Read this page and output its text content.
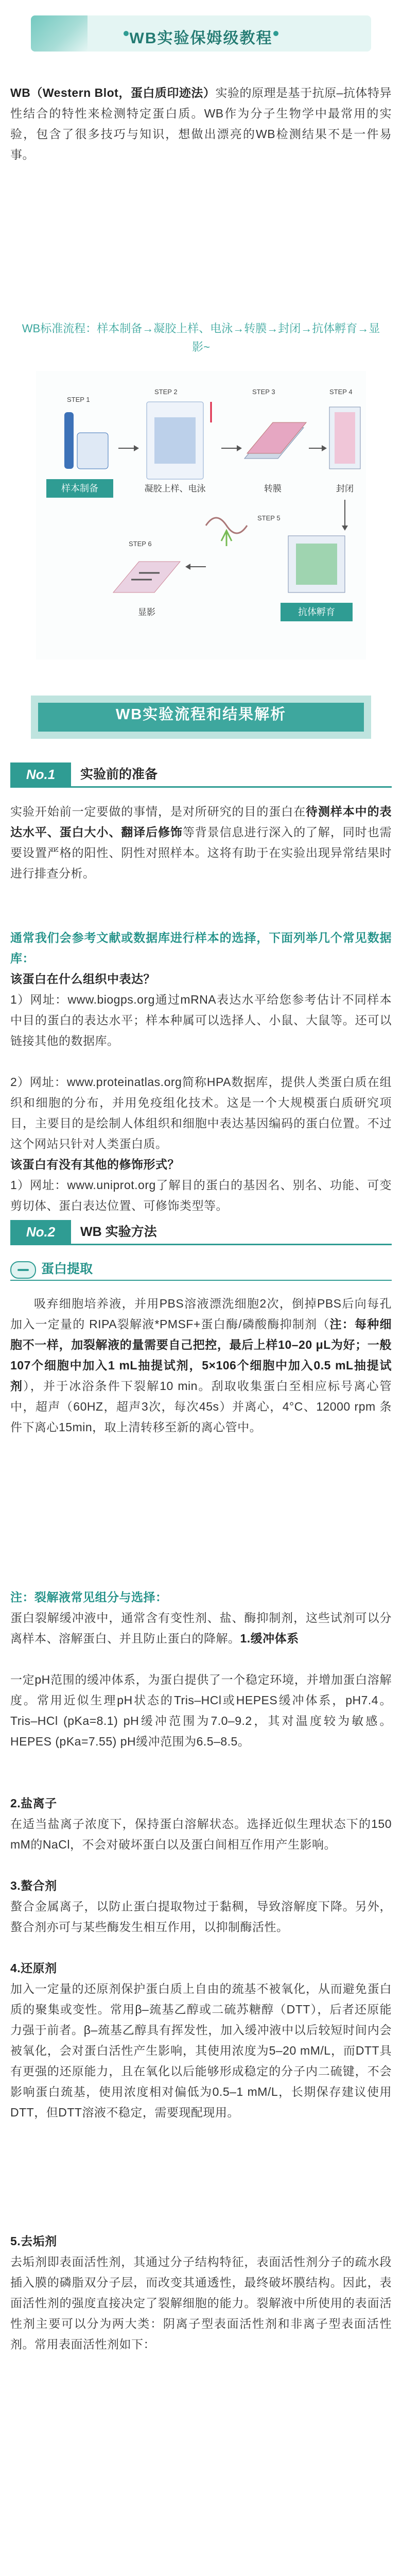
WB实验保姆级教程

WB（Western Blot，蛋白质印迹法）实验的原理是基于抗原–抗体特异性结合的特性来检测特定蛋白质。WB作为分子生物学中最常用的实验，包含了很多技巧与知识，想做出漂亮的WB检测结果不是一件易事。

WB标准流程：样本制备→凝胶上样、电泳→转膜→封闭→抗体孵育→显影~

STEP 1
样本制备
STEP 2
凝胶上样、电泳
STEP 3
转膜
STEP 4
封闭
STEP 5
抗体孵育
STEP 6
显影
WB实验流程和结果解析
No.1	实验前的准备

实验开始前一定要做的事情，是对所研究的目的蛋白在待测样本中的表达水平、蛋白大小、翻译后修饰等背景信息进行深入的了解，同时也需要设置严格的阳性、阴性对照样本。这将有助于在实验出现异常结果时进行排查分析。

通常我们会参考文献或数据库进行样本的选择，下面列举几个常见数据库：

该蛋白在什么组织中表达？

1）网址：www.biogps.org通过mRNA表达水平给您参考估计不同样本中目的蛋白的表达水平；样本种属可以选择人、小鼠、大鼠等。还可以链接其他的数据库。

2）网址：www.proteinatlas.org简称HPA数据库，提供人类蛋白质在组织和细胞的分布，并用免疫组化技术。这是一个大规模蛋白质研究项目，主要目的是绘制人体组织和细胞中表达基因编码的蛋白位置。不过这个网站只针对人类蛋白质。

该蛋白有没有其他的修饰形式？

1）网址：www.uniprot.org了解目的蛋白的基因名、别名、功能、可变剪切体、蛋白表达位置、可修饰类型等。

No.2	WB 实验方法
蛋白提取

吸弃细胞培养液，并用PBS溶液漂洗细胞2次，倒掉PBS后向每孔加入一定量的 RIPA裂解液*PMSF+蛋白酶/磷酸酶抑制剂（注：每种细胞不一样，加裂解液的量需要自己把控，最后上样10–20 μL为好；一般107个细胞中加入1 mL抽提试剂，5×106个细胞中加入0.5 mL抽提试剂），并于冰浴条件下裂解10 min。刮取收集蛋白至相应标号离心管中，超声（60HZ，超声3次，每次45s）并离心，4°C、12000 rpm 条件下离心15min，取上清转移至新的离心管中。

注：裂解液常见组分与选择：

蛋白裂解缓冲液中，通常含有变性剂、盐、酶抑制剂，这些试剂可以分离样本、溶解蛋白、并且防止蛋白的降解。1.缓冲体系

一定pH范围的缓冲体系，为蛋白提供了一个稳定环境，并增加蛋白溶解度。常用近似生理pH状态的Tris–HCl或HEPES缓冲体系，pH7.4。Tris–HCl (pKa=8.1) pH缓冲范围为7.0–9.2，其对温度较为敏感。HEPES (pKa=7.55) pH缓冲范围为6.5–8.5。

2.盐离子

在适当盐离子浓度下，保持蛋白溶解状态。选择近似生理状态下的150 mM的NaCl，不会对破坏蛋白以及蛋白间相互作用产生影响。

3.螯合剂

螯合金属离子，以防止蛋白提取物过于黏稠，导致溶解度下降。另外，螯合剂亦可与某些酶发生相互作用，以抑制酶活性。

4.还原剂

加入一定量的还原剂保护蛋白质上自由的巯基不被氧化，从而避免蛋白质的聚集或变性。常用β–巯基乙醇或二硫苏糖醇（DTT），后者还原能力强于前者。β–巯基乙醇具有挥发性，加入缓冲液中以后较短时间内会被氧化，会对蛋白活性产生影响，其使用浓度为5–20 mM/L，而DTT具有更强的还原能力，且在氧化以后能够形成稳定的分子内二硫键，不会影响蛋白巯基，使用浓度相对偏低为0.5–1 mM/L，长期保存建议使用DTT，但DTT溶液不稳定，需要现配现用。

5.去垢剂

去垢剂即表面活性剂，其通过分子结构特征，表面活性剂分子的疏水段插入膜的磷脂双分子层，而改变其通透性，最终破坏膜结构。因此，表面活性剂的强度直接决定了裂解细胞的能力。裂解液中所使用的表面活性剂主要可以分为两大类：阴离子型表面活性剂和非离子型表面活性剂。常用表面活性剂如下：
